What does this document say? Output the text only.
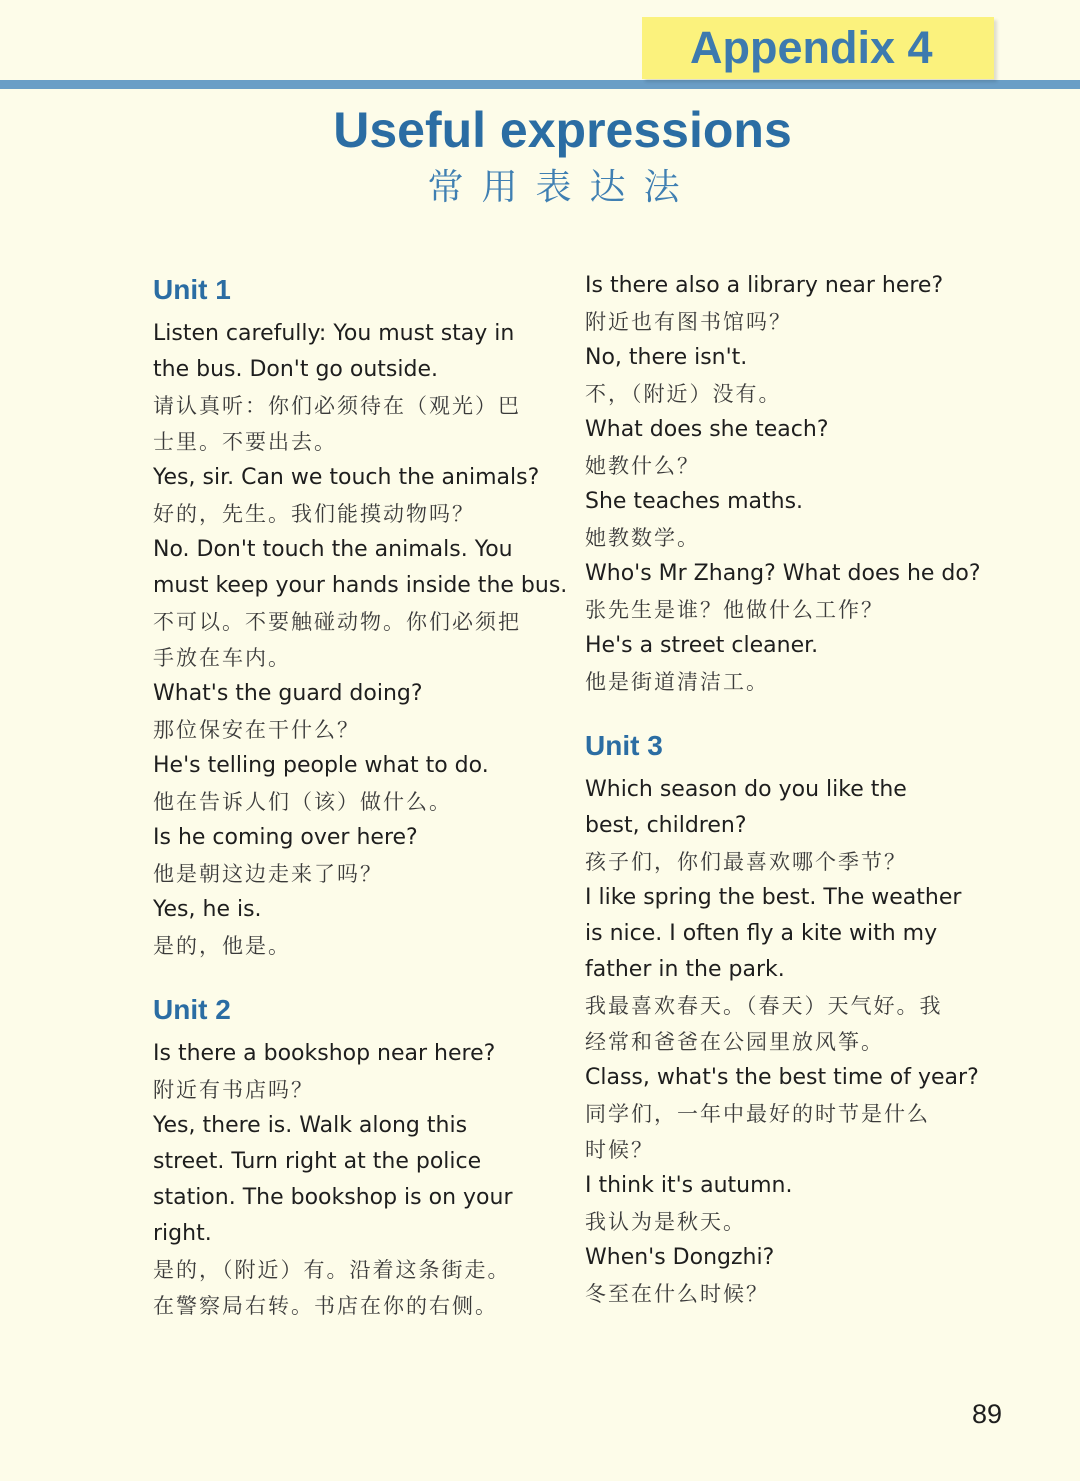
Appendix 4
Useful expressions
常用表达法
Unit 1
Listen carefully: You must stay in
the bus. Don't go outside.
请认真听：你们必须待在（观光）巴
士里。不要出去。
Yes, sir. Can we touch the animals?
好的，先生。我们能摸动物吗？
No. Don't touch the animals. You
must keep your hands inside the bus.
不可以。不要触碰动物。你们必须把
手放在车内。
What's the guard doing?
那位保安在干什么？
He's telling people what to do.
他在告诉人们（该）做什么。
Is he coming over here?
他是朝这边走来了吗？
Yes, he is.
是的，他是。
Unit 2
Is there a bookshop near here?
附近有书店吗？
Yes, there is. Walk along this
street. Turn right at the police
station. The bookshop is on your
right.
是的，（附近）有。沿着这条街走。
在警察局右转。书店在你的右侧。
Is there also a library near here?
附近也有图书馆吗？
No, there isn't.
不，（附近）没有。
What does she teach?
她教什么？
She teaches maths.
她教数学。
Who's Mr Zhang? What does he do?
张先生是谁？他做什么工作？
He's a street cleaner.
他是街道清洁工。
Unit 3
Which season do you like the
best, children?
孩子们，你们最喜欢哪个季节？
I like spring the best. The weather
is nice. I often fly a kite with my
father in the park.
我最喜欢春天。（春天）天气好。我
经常和爸爸在公园里放风筝。
Class, what's the best time of year?
同学们，一年中最好的时节是什么
时候？
I think it's autumn.
我认为是秋天。
When's Dongzhi?
冬至在什么时候？
89
